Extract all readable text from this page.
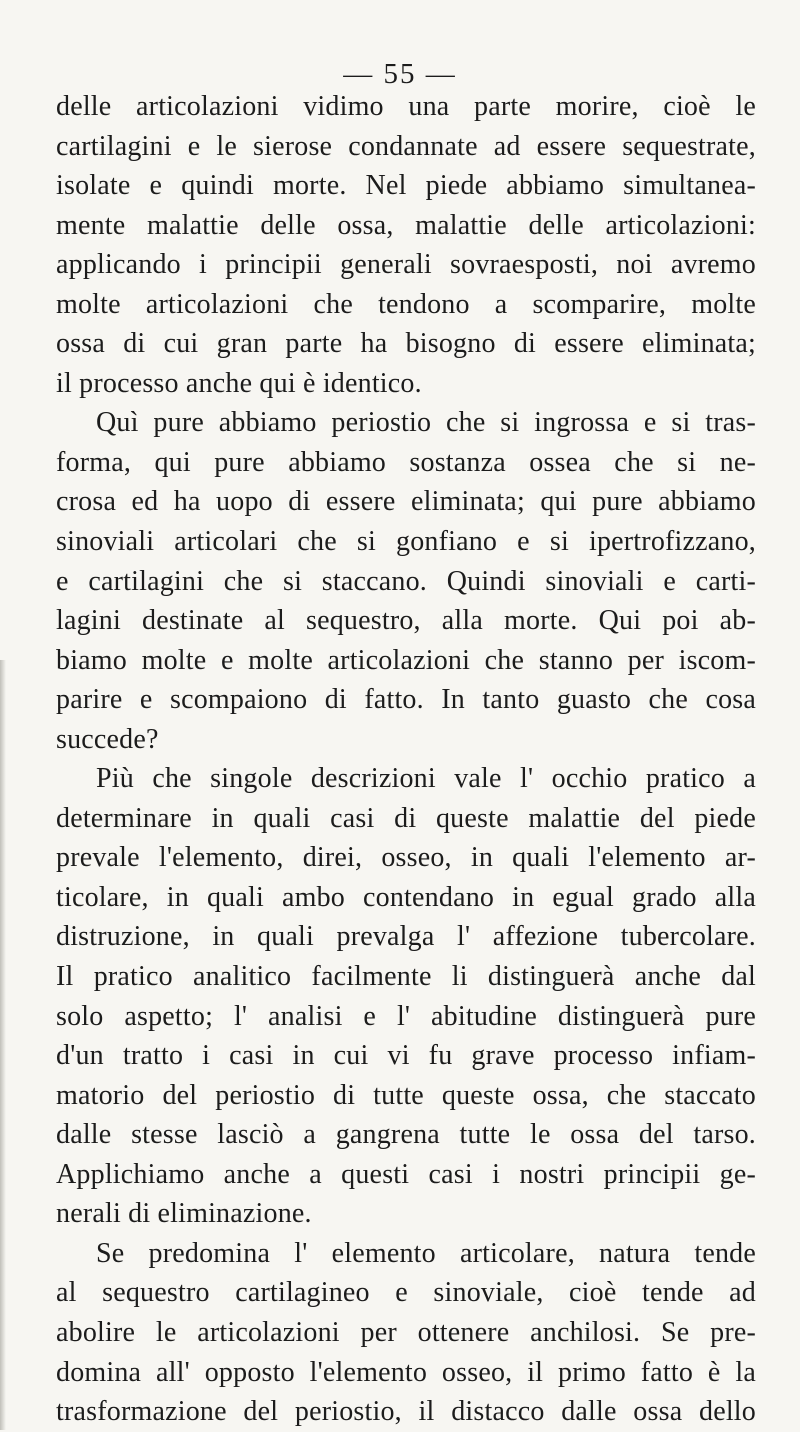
— 55 —
delle articolazioni vidimo una parte morire, cioè le
cartilagini e le sierose condannate ad essere sequestrate,
isolate e quindi morte. Nel piede abbiamo simultanea-
mente malattie delle ossa, malattie delle articolazioni:
applicando i principii generali sovraesposti, noi avremo
molte articolazioni che tendono a scomparire, molte
ossa di cui gran parte ha bisogno di essere eliminata;
il processo anche qui è identico.
Quì pure abbiamo periostio che si ingrossa e si tras-
forma, qui pure abbiamo sostanza ossea che si ne-
crosa ed ha uopo di essere eliminata; qui pure abbiamo
sinoviali articolari che si gonfiano e si ipertrofizzano,
e cartilagini che si staccano. Quindi sinoviali e carti-
lagini destinate al sequestro, alla morte. Qui poi ab-
biamo molte e molte articolazioni che stanno per iscom-
parire e scompaiono di fatto. In tanto guasto che cosa
succede?
Più che singole descrizioni vale l' occhio pratico a
determinare in quali casi di queste malattie del piede
prevale l'elemento, direi, osseo, in quali l'elemento ar-
ticolare, in quali ambo contendano in egual grado alla
distruzione, in quali prevalga l' affezione tubercolare.
Il pratico analitico facilmente li distinguerà anche dal
solo aspetto; l' analisi e l' abitudine distinguerà pure
d'un tratto i casi in cui vi fu grave processo infiam-
matorio del periostio di tutte queste ossa, che staccato
dalle stesse lasciò a gangrena tutte le ossa del tarso.
Applichiamo anche a questi casi i nostri principii ge-
nerali di eliminazione.
Se predomina l' elemento articolare, natura tende
al sequestro cartilagineo e sinoviale, cioè tende ad
abolire le articolazioni per ottenere anchilosi. Se pre-
domina all' opposto l'elemento osseo, il primo fatto è la
trasformazione del periostio, il distacco dalle ossa dello
